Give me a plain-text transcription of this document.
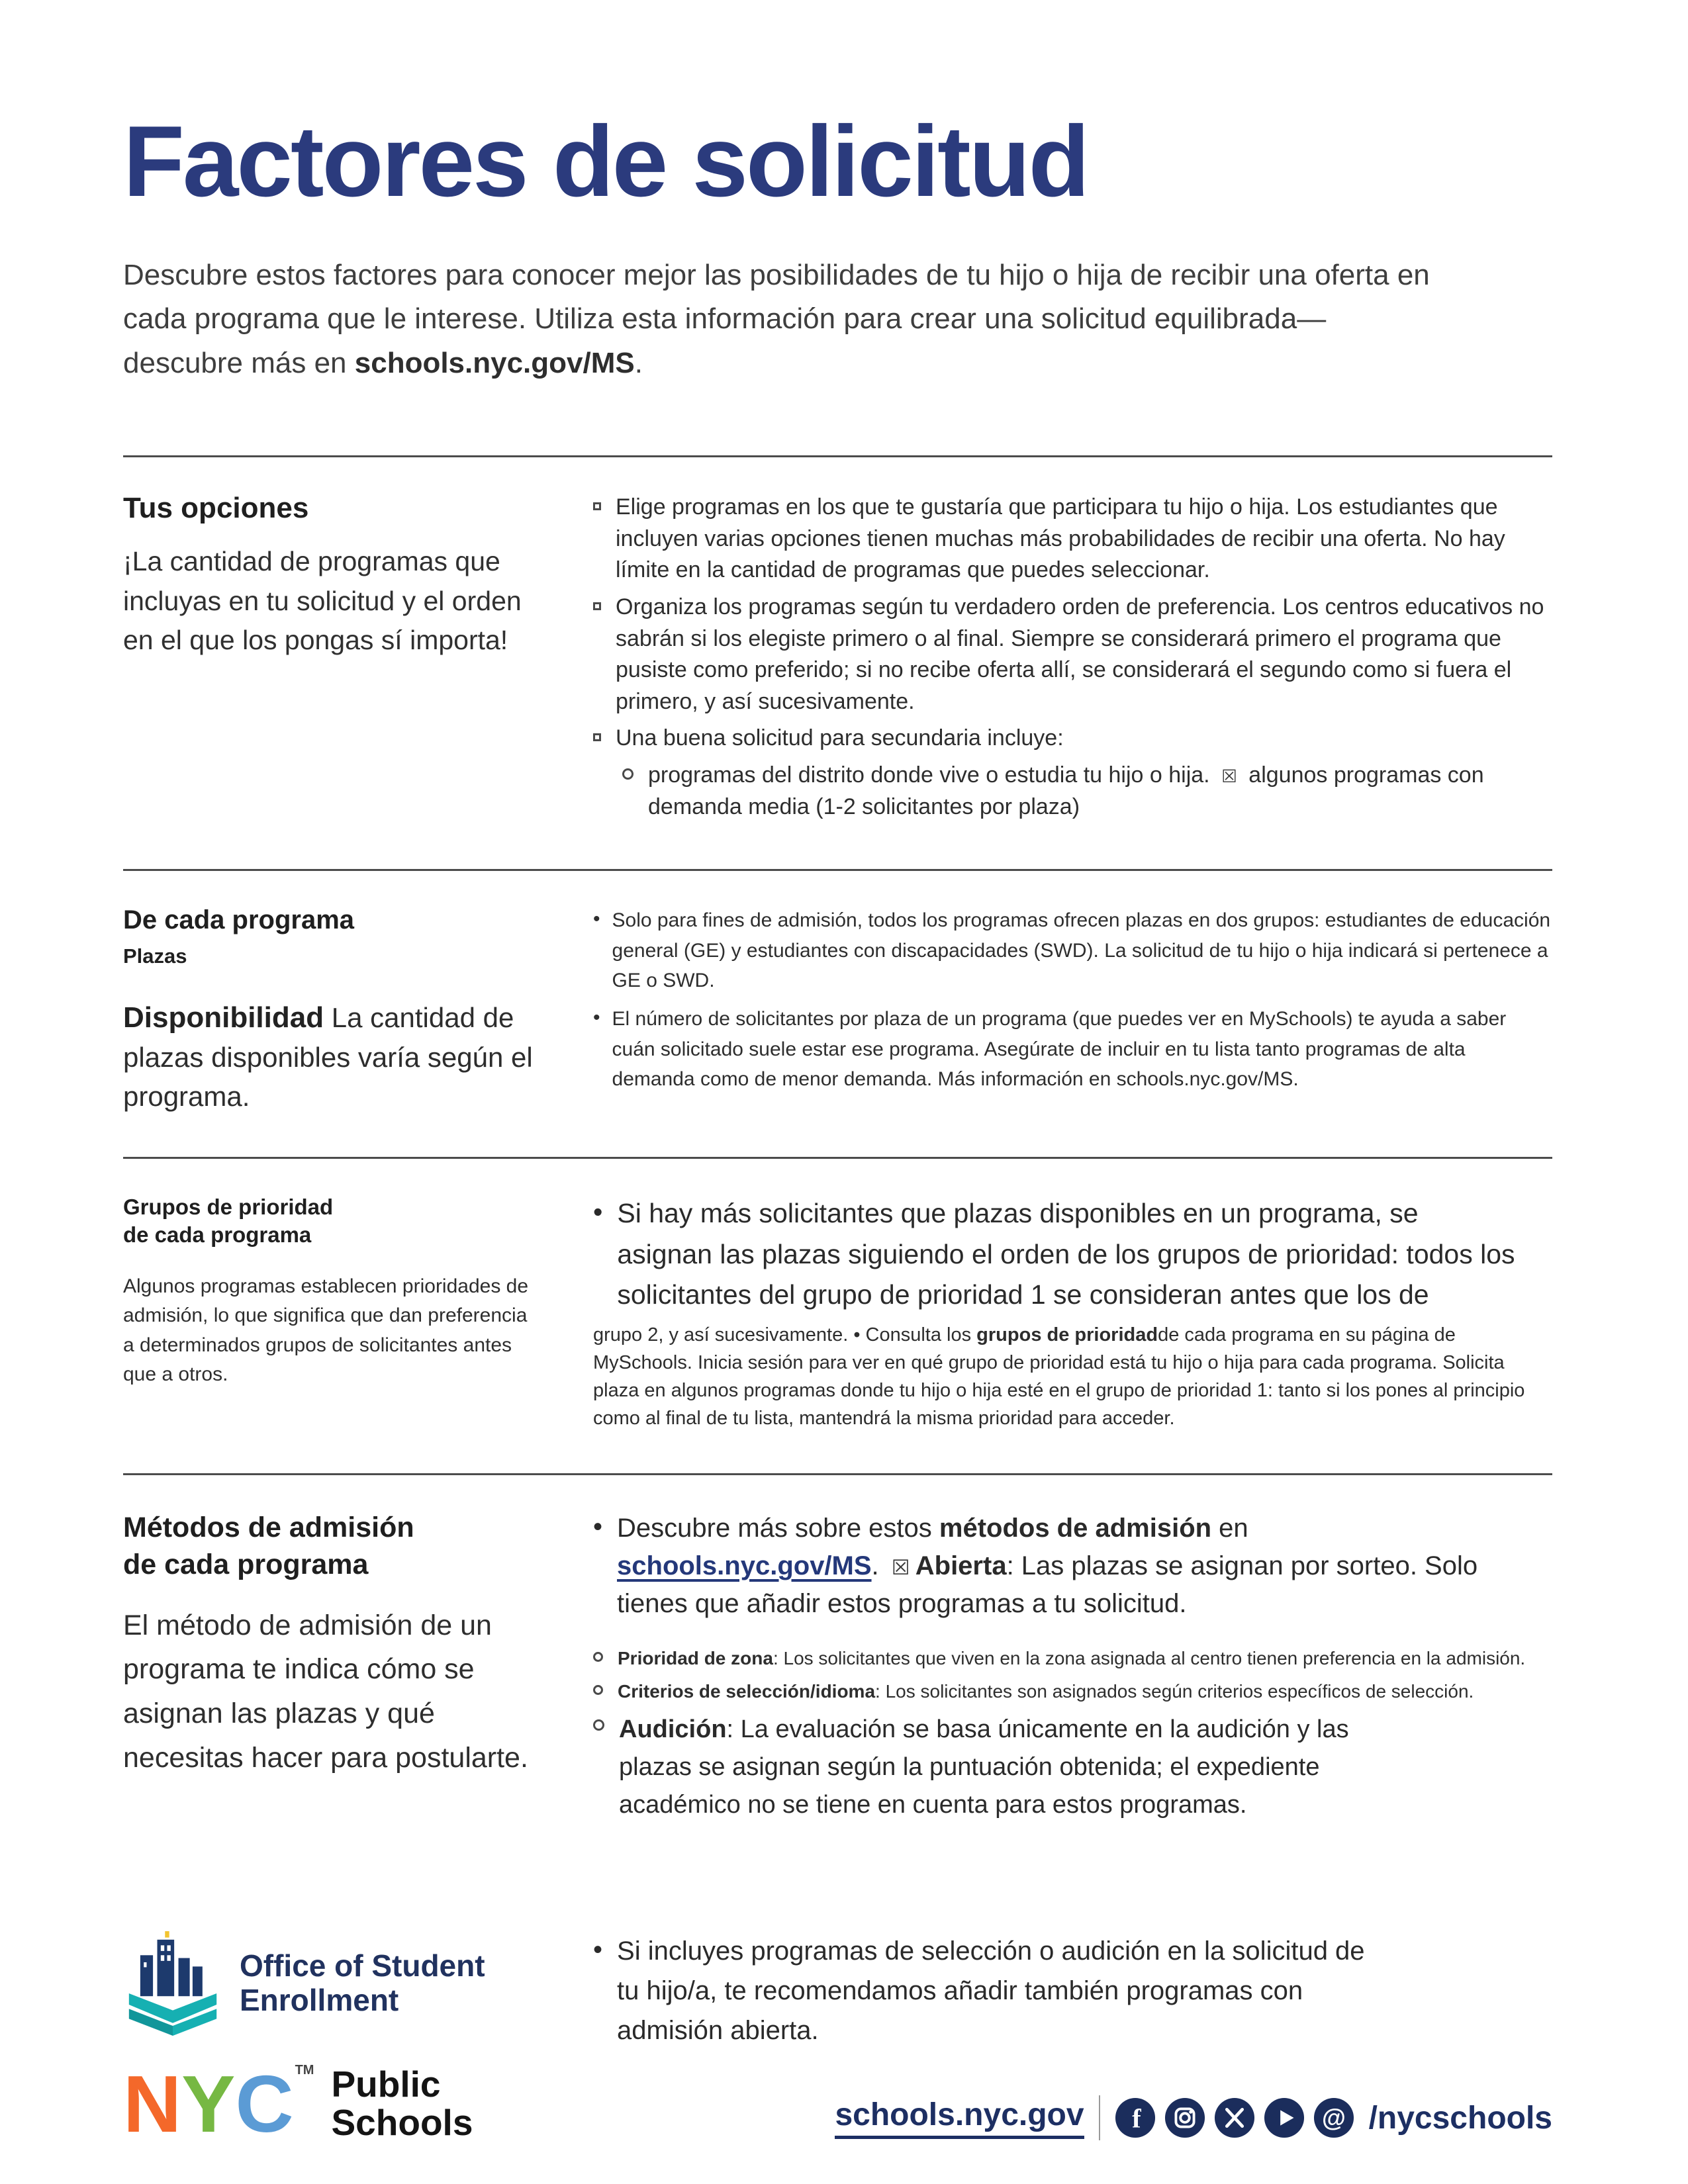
Factores de solicitud

Descubre estos factores para conocer mejor las posibilidades de tu hijo o hija de recibir una oferta en cada programa que le interese. Utiliza esta información para crear una solicitud equilibrada—descubre más en schools.nyc.gov/MS.

Tus opciones

¡La cantidad de programas que incluyas en tu solicitud y el orden en el que los pongas sí importa!

Elige programas en los que te gustaría que participara tu hijo o hija. Los estudiantes que incluyen varias opciones tienen muchas más probabilidades de recibir una oferta. No hay límite en la cantidad de programas que puedes seleccionar.
Organiza los programas según tu verdadero orden de preferencia. Los centros educativos no sabrán si los elegiste primero o al final. Siempre se considerará primero el programa que pusiste como preferido; si no recibe oferta allí, se considerará el segundo como si fuera el primero, y así sucesivamente.
Una buena solicitud para secundaria incluye:
programas del distrito donde vive o estudia tu hijo o hija. ☒ algunos programas con demanda media (1-2 solicitantes por plaza)
De cada programa
Plazas

Disponibilidad La cantidad de plazas disponibles varía según el programa.

•
Solo para fines de admisión, todos los programas ofrecen plazas en dos grupos: estudiantes de educación general (GE) y estudiantes con discapacidades (SWD). La solicitud de tu hijo o hija indicará si pertenece a GE o SWD.
•
El número de solicitantes por plaza de un programa (que puedes ver en MySchools) te ayuda a saber cuán solicitado suele estar ese programa. Asegúrate de incluir en tu lista tanto programas de alta demanda como de menor demanda. Más información en schools.nyc.gov/MS.
Grupos de prioridad
de cada programa

Algunos programas establecen prioridades de admisión, lo que significa que dan preferencia a determinados grupos de solicitantes antes que a otros.

•
Si hay más solicitantes que plazas disponibles en un programa, se asignan las plazas siguiendo el orden de los grupos de prioridad: todos los solicitantes del grupo de prioridad 1 se consideran antes que los de

grupo 2, y así sucesivamente. • Consulta los grupos de prioridadde cada programa en su página de MySchools. Inicia sesión para ver en qué grupo de prioridad está tu hijo o hija para cada programa. Solicita plaza en algunos programas donde tu hijo o hija esté en el grupo de prioridad 1: tanto si los pones al principio como al final de tu lista, mantendrá la misma prioridad para acceder.

Métodos de admisión
de cada programa

El método de admisión de un programa te indica cómo se asignan las plazas y qué necesitas hacer para postularte.

•
Descubre más sobre estos métodos de admisión en schools.nyc.gov/MS. ☒ Abierta: Las plazas se asignan por sorteo. Solo tienes que añadir estos programas a tu solicitud.
Prioridad de zona: Los solicitantes que viven en la zona asignada al centro tienen preferencia en la admisión.
Criterios de selección/idioma: Los solicitantes son asignados según criterios específicos de selección.
Audición: La evaluación se basa únicamente en la audición y las plazas se asignan según la puntuación obtenida; el expediente académico no se tiene en cuenta para estos programas.
Office of Student
Enrollment
NYC ™ Public
Schools
•
Si incluyes programas de selección o audición en la solicitud de tu hijo/a, te recomendamos añadir también programas con admisión abierta.
schools.nyc.gov f	@ /nycschools
